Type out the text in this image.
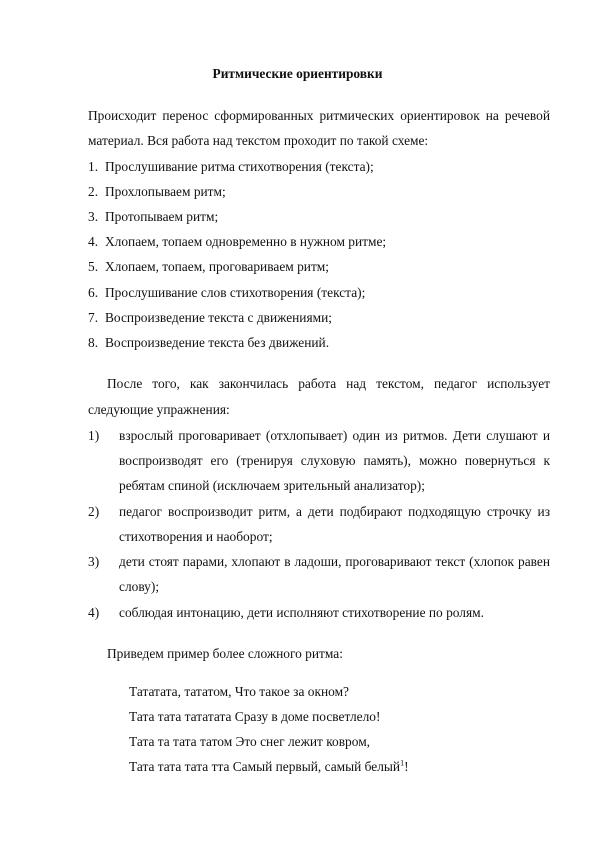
Ритмические ориентировки
Происходит перенос сформированных ритмических ориентировок на речевой
материал. Вся работа над текстом проходит по такой схеме:
1. Прослушивание ритма стихотворения (текста);
2. Прохлопываем ритм;
3. Протопываем ритм;
4. Хлопаем, топаем одновременно в нужном ритме;
5. Хлопаем, топаем, проговариваем ритм;
6. Прослушивание слов стихотворения (текста);
7. Воспроизведение текста с движениями;
8. Воспроизведение текста без движений.
После того, как закончилась работа над текстом, педагог использует
следующие упражнения:
1) взрослый проговаривает (отхлопывает) один из ритмов. Дети слушают и
воспроизводят его (тренируя слуховую память), можно повернуться к
ребятам спиной (исключаем зрительный анализатор);
2) педагог воспроизводит ритм, а дети подбирают подходящую строчку из
стихотворения и наоборот;
3) дети стоят парами, хлопают в ладоши, проговаривают текст (хлопок равен
слову);
4) соблюдая интонацию, дети исполняют стихотворение по ролям.
Приведем пример более сложного ритма:
Тататата, тататом, Что такое за окном?
Тата тата тататата Сразу в доме посветлело!
Тата та тата татом Это снег лежит ковром,
Тата тата тата тта Самый первый, самый белый$^1$!
